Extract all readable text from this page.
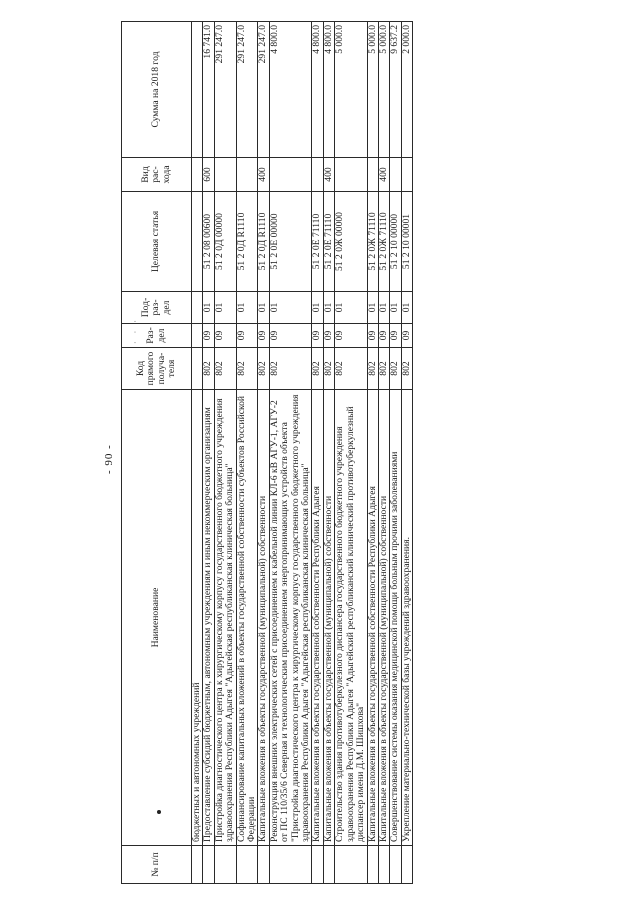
- 90 -
№ п/п	Наименование	Код прямого получа- теля	Раз- дел	Под- раз- дел	Целевая статья	Вид рас- хода	Сумма на 2018 год
	бюджетных и автономных учреждений						
	Предоставление субсидий бюджетным, автономным учреждениям и иным некоммерческим организациям	802	09	01	51 2 08 00600	600	16 741.0
	Пристройка диагностического центра к хирургическому корпусу государственного бюджетного учреждения здравоохранения Республики Адыгея "Адыгейская республиканская клиническая больница"	802	09	01	51 2 0Д 00000		291 247.0
	Софинансирование капитальных вложений в объекты государственной собственности субъектов Российской Федерации	802	09	01	51 2 0Д R1110		291 247.0
	Капитальные вложения в объекты государственной (муниципальной) собственности	802	09	01	51 2 0Д R1110	400	291 247.0
	Реконструкция внешних электрических сетей с присоединением к кабельной линии КЛ-6 кВ АГУ-1, АГУ-2 от ПС 110/35/6 Северная и технологическим присоединением энергопринимающих устройств объекта "Пристройка диагностического центра к хирургическому корпусу государственного бюджетного учреждения здравоохранения Республики Адыгея "Адыгейская республиканская клиническая больница"	802	09	01	51 2 0Е 00000		4 800.0
	Капитальные вложения в объекты государственной собственности Республики Адыгея	802	09	01	51 2 0Е 71110		4 800.0
	Капитальные вложения в объекты государственной (муниципальной) собственности	802	09	01	51 2 0Е 71110	400	4 800.0
	Строительство здания противотуберкулезного диспансера государственного бюджетного учреждения здравоохранения Республики Адыгея "Адыгейский республиканский клинический противотуберкулезный диспансер имени Д.М. Шишхова"	802	09	01	51 2 0Ж 00000		5 000.0
	Капитальные вложения в объекты государственной собственности Республики Адыгея	802	09	01	51 2 0Ж 71110		5 000.0
	Капитальные вложения в объекты государственной (муниципальной) собственности	802	09	01	51 2 0Ж 71110	400	5 000.0
	Совершенствование системы оказания медицинской помощи больным прочими заболеваниями	802	09	01	51 2 10 00000		9 637.2
	Укрепление материально-технической базы учреждений здравоохранения.	802	09	01	51 2 10 00001		2 000.0
· · ·
